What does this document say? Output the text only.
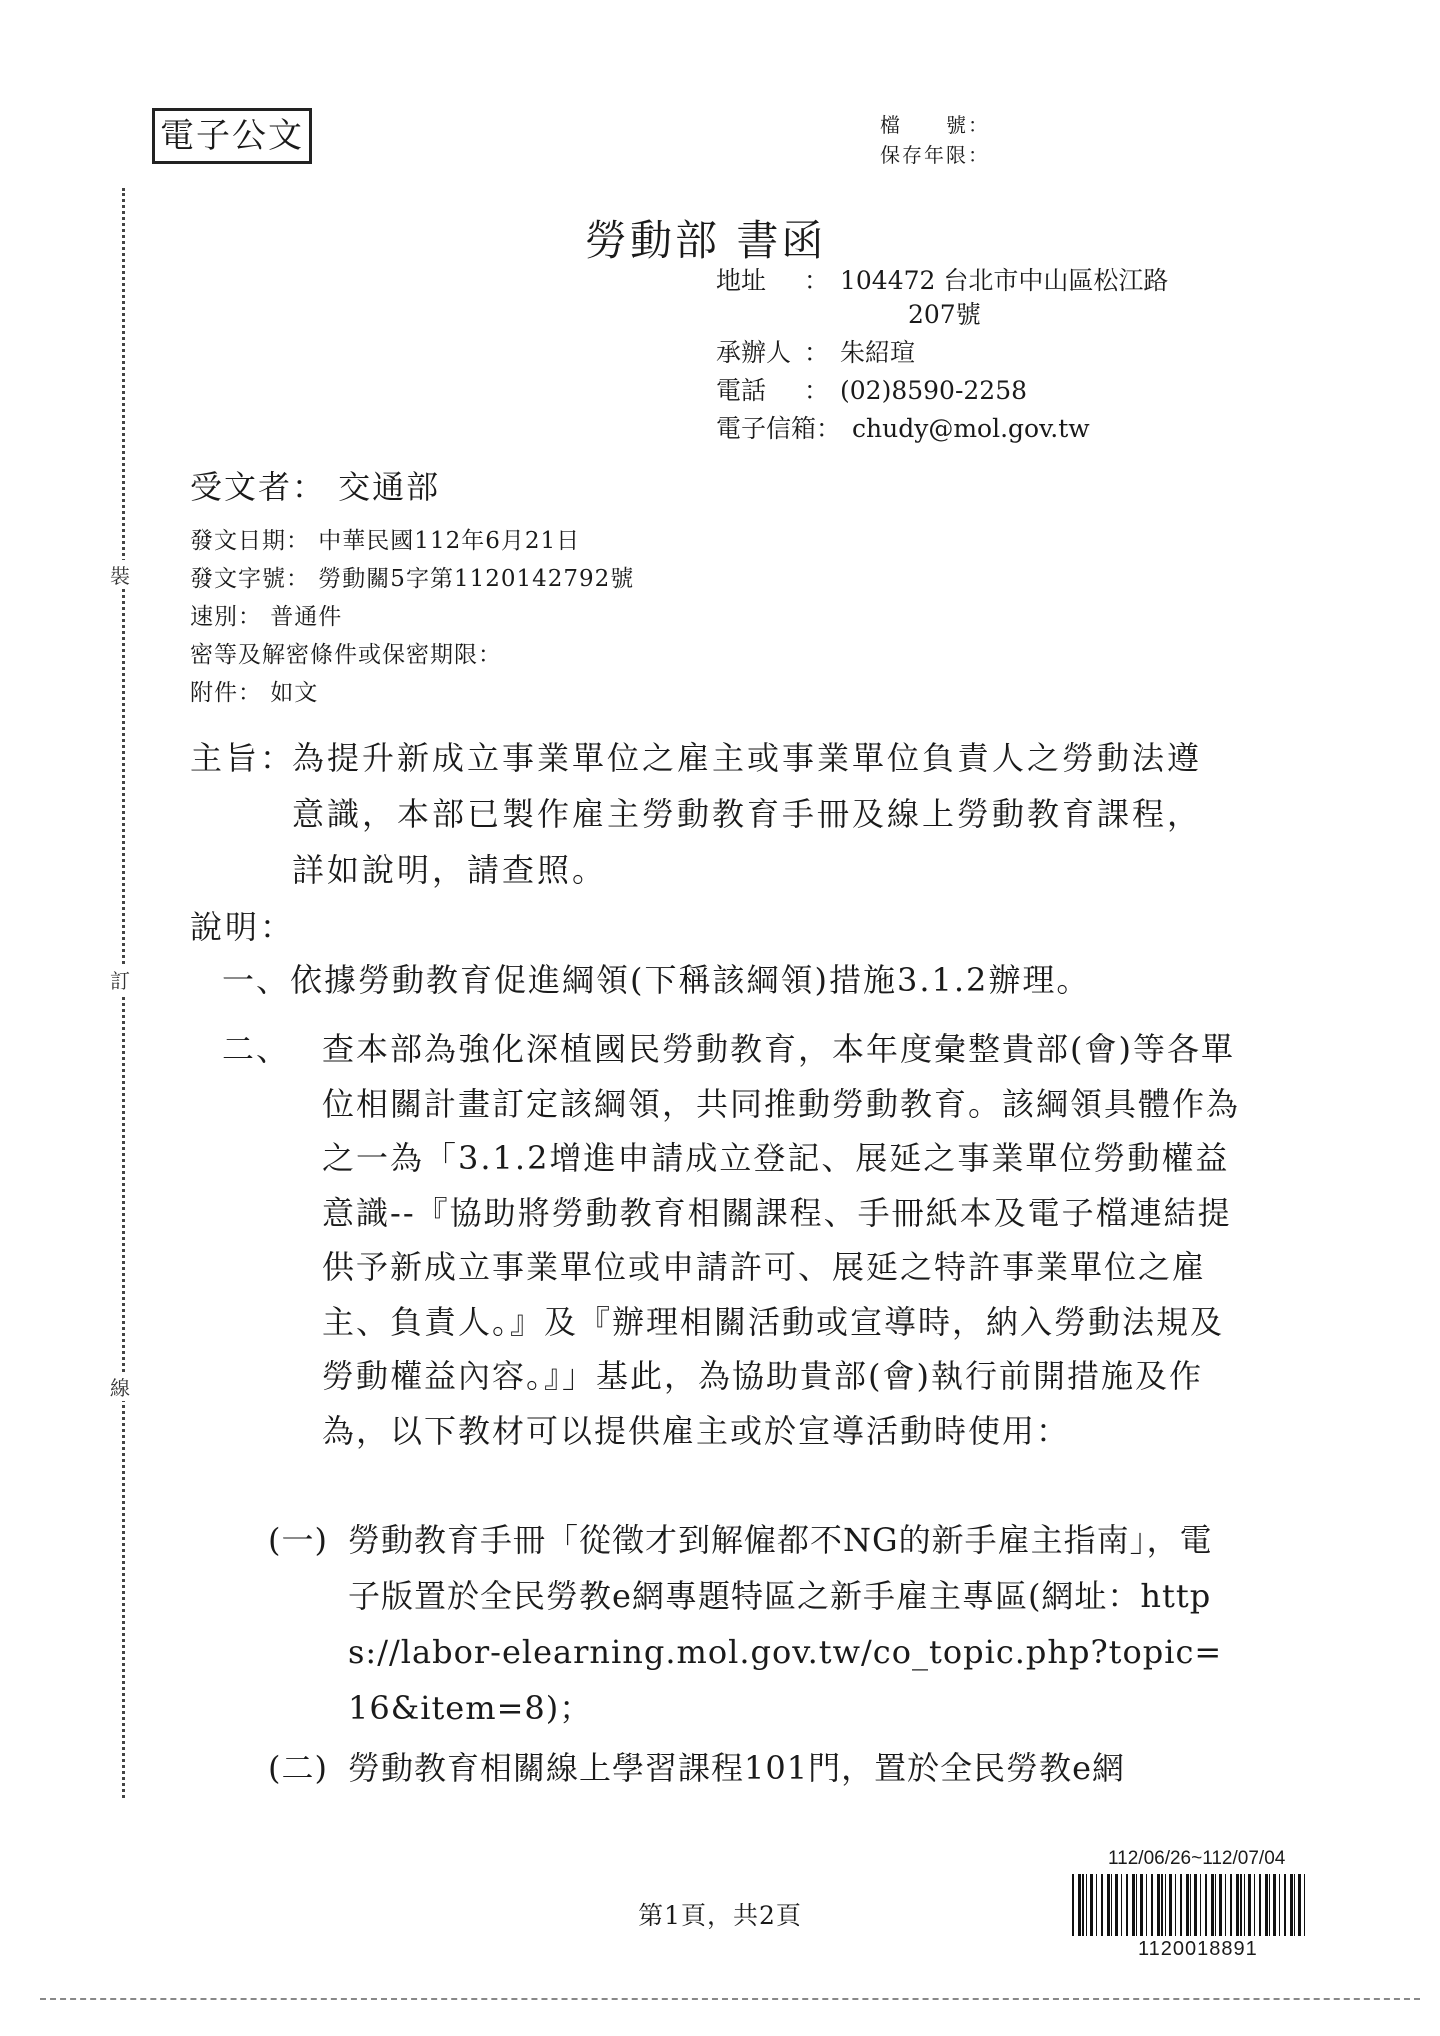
電子公文	檔　　號：
保存年限：
裝
訂
線
勞動部 書函
地址	： 104472 台北市中山區松江路
207號
承辦人 ： 朱紹瑄
電話	： (02)8590-2258
電子信箱 ： chudy@mol.gov.tw
受文者： 交通部
發文日期： 中華民國112年6月21日
發文字號： 勞動關5字第1120142792號
速別： 普通件
密等及解密條件或保密期限：
附件： 如文
主旨：
為提升新成立事業單位之雇主或事業單位負責人之勞動法遵意識，本部已製作雇主勞動教育手冊及線上勞動教育課程，詳如說明，請查照。
說明：
一、依據勞動教育促進綱領(下稱該綱領)措施3.1.2辦理。
二、 查本部為強化深植國民勞動教育，本年度彙整貴部(會)等各單位相關計畫訂定該綱領，共同推動勞動教育。該綱領具體作為之一為「3.1.2增進申請成立登記、展延之事業單位勞動權益意識--『協助將勞動教育相關課程、手冊紙本及電子檔連結提供予新成立事業單位或申請許可、展延之特許事業單位之雇主、負責人。』及『辦理相關活動或宣導時，納入勞動法規及勞動權益內容。』」基此，為協助貴部(會)執行前開措施及作為，以下教材可以提供雇主或於宣導活動時使用：
(一) 勞動教育手冊「從徵才到解僱都不NG的新手雇主指南」，電子版置於全民勞教e網專題特區之新手雇主專區(網址：https://labor-elearning.mol.gov.tw/co_topic.php?topic=16&item=8)；
(二) 勞動教育相關線上學習課程101門，置於全民勞教e網
112/06/26~112/07/04
1120018891
第1頁，共2頁
